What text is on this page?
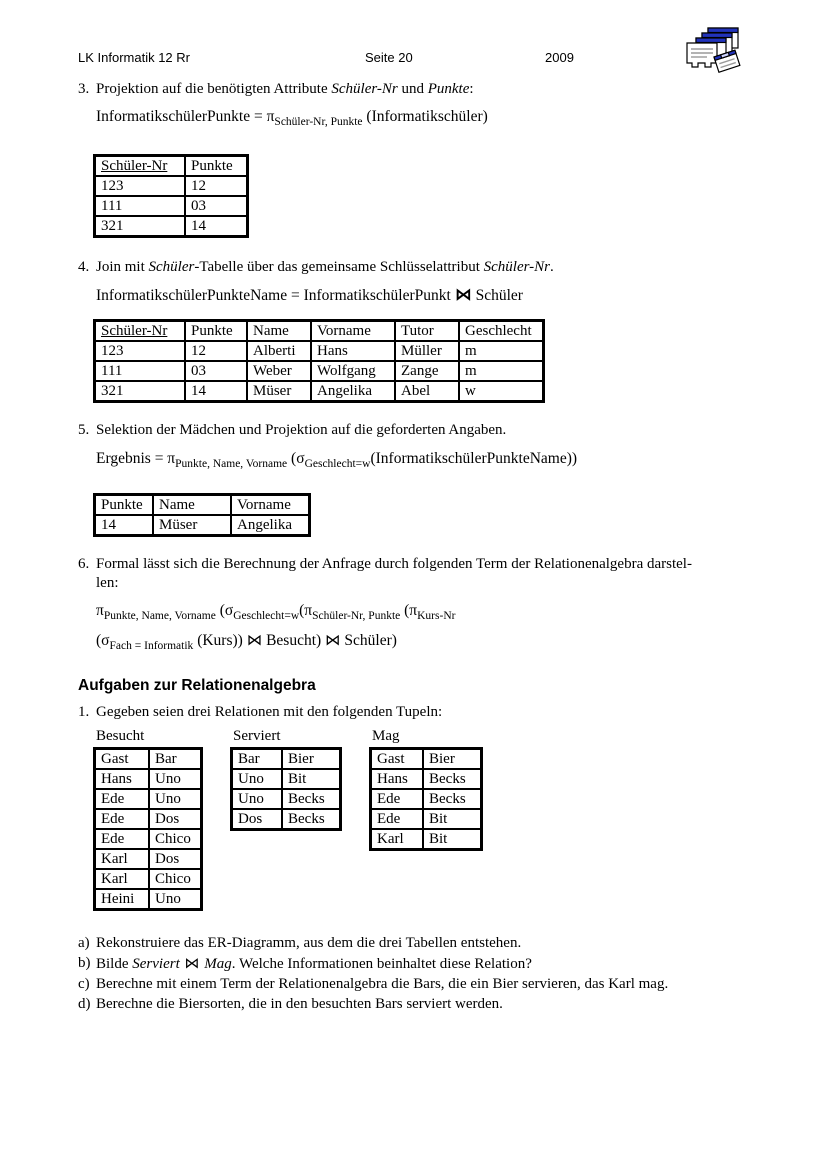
LK Informatik 12 Rr	Seite 20	2009
3. Projektion auf die benötigten Attribute Schüler-Nr und Punkte:
InformatikschülerPunkte = $\pi_{Schüler-Nr, Punkte}$ (Informatikschüler)
Schüler-Nr	Punkte
123	12
111	03
321	14
4. Join mit Schüler-Tabelle über das gemeinsame Schlüsselattribut Schüler-Nr.
InformatikschülerPunkteName = InformatikschülerPunkt ⋈ Schüler
Schüler-Nr	Punkte	Name	Vorname	Tutor	Geschlecht
123	12	Alberti	Hans	Müller	m
111	03	Weber	Wolfgang	Zange	m
321	14	Müser	Angelika	Abel	w
5. Selektion der Mädchen und Projektion auf die geforderten Angaben.
Ergebnis = $\pi_{Punkte, Name, Vorname}$ $(\sigma_{Geschlecht=w}(InformatikschülerPunkteName))$
Punkte	Name	Vorname
14	Müser	Angelika
6. Formal lässt sich die Berechnung der Anfrage durch folgenden Term der Relationenalgebra darstel-
len:
$\pi_{Punkte, Name, Vorname}$ ($\sigma_{Geschlecht=w}(\pi_{Schüler-Nr, Punkte}$ ($\pi_{Kurs-Nr}$
($\sigma_{Fach = Informatik}$ (Kurs)) ⋈ Besucht) ⋈ Schüler)
Aufgaben zur Relationenalgebra
1. Gegeben seien drei Relationen mit den folgenden Tupeln:
Besucht
Gast	Bar
Hans	Uno
Ede	Uno
Ede	Dos
Ede	Chico
Karl	Dos
Karl	Chico
Heini	Uno
Serviert
Bar	Bier
Uno	Bit
Uno	Becks
Dos	Becks
Mag
Gast	Bier
Hans	Becks
Ede	Becks
Ede	Bit
Karl	Bit
a) Rekonstruiere das ER-Diagramm, aus dem die drei Tabellen entstehen.
b) Bilde Serviert ⋈ Mag. Welche Informationen beinhaltet diese Relation?
c) Berechne mit einem Term der Relationenalgebra die Bars, die ein Bier servieren, das Karl mag.
d) Berechne die Biersorten, die in den besuchten Bars serviert werden.
